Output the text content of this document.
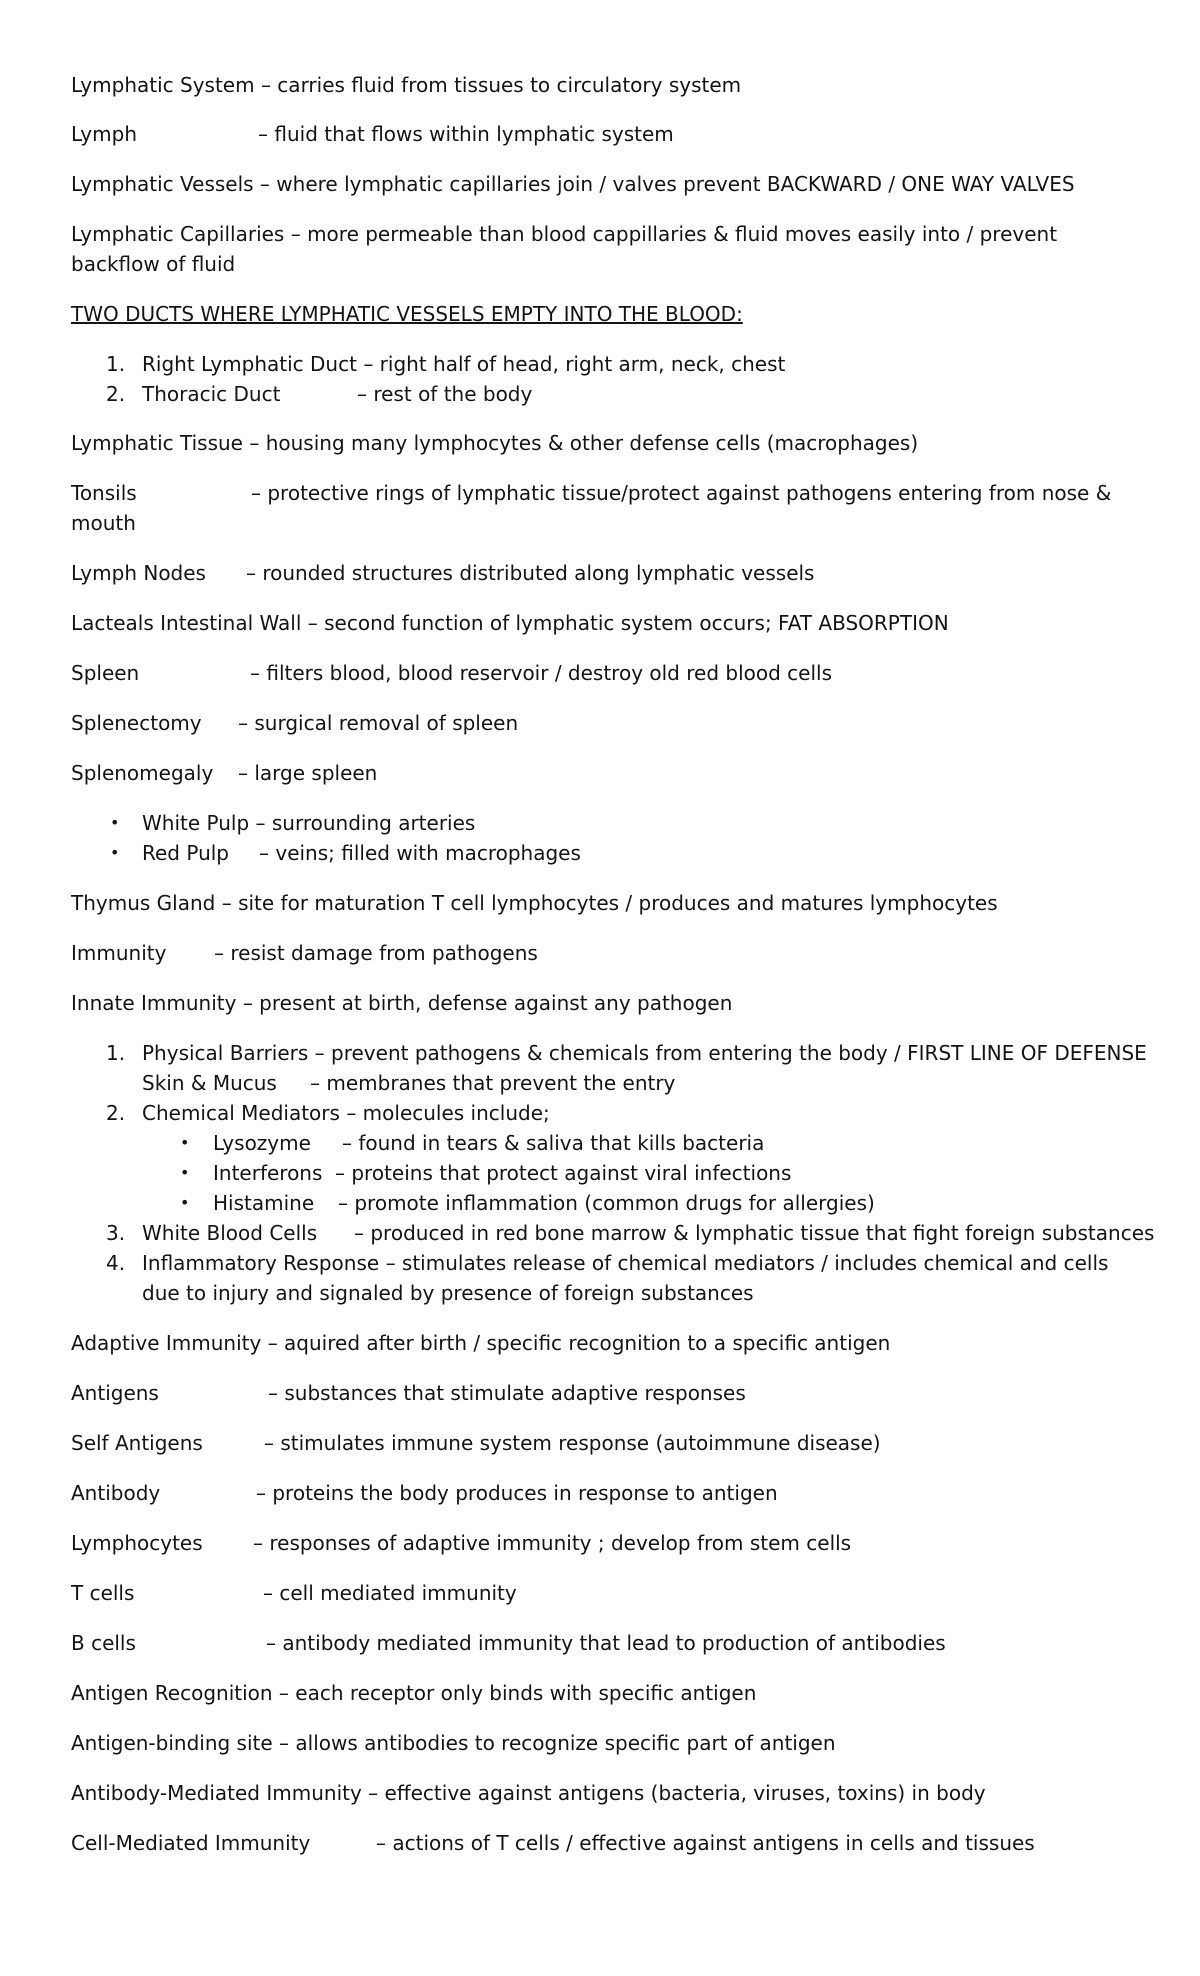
Lymphatic System – carries fluid from tissues to circulatory system
Lymph	– fluid that flows within lymphatic system
Lymphatic Vessels – where lymphatic capillaries join / valves prevent BACKWARD / ONE WAY VALVES
Lymphatic Capillaries – more permeable than blood cappillaries & fluid moves easily into / prevent backflow of fluid
TWO DUCTS WHERE LYMPHATIC VESSELS EMPTY INTO THE BLOOD:
1. Right Lymphatic Duct – right half of head, right arm, neck, chest
2. Thoracic Duct	– rest of the body
Lymphatic Tissue – housing many lymphocytes & other defense cells (macrophages)
Tonsils	– protective rings of lymphatic tissue/protect against pathogens entering from nose & mouth
Lymph Nodes – rounded structures distributed along lymphatic vessels
Lacteals Intestinal Wall – second function of lymphatic system occurs; FAT ABSORPTION
Spleen	– filters blood, blood reservoir / destroy old red blood cells
Splenectomy – surgical removal of spleen
Splenomegaly – large spleen
• White Pulp – surrounding arteries
• Red Pulp – veins; filled with macrophages
Thymus Gland – site for maturation T cell lymphocytes / produces and matures lymphocytes
Immunity – resist damage from pathogens
Innate Immunity – present at birth, defense against any pathogen
1. Physical Barriers – prevent pathogens & chemicals from entering the body / FIRST LINE OF DEFENSE
Skin & Mucus – membranes that prevent the entry
2. Chemical Mediators – molecules include;
• Lysozyme – found in tears & saliva that kills bacteria
• Interferons – proteins that protect against viral infections
• Histamine – promote inflammation (common drugs for allergies)
3. White Blood Cells – produced in red bone marrow & lymphatic tissue that fight foreign substances
4. Inflammatory Response – stimulates release of chemical mediators / includes chemical and cells due to injury and signaled by presence of foreign substances
Adaptive Immunity – aquired after birth / specific recognition to a specific antigen
Antigens	– substances that stimulate adaptive responses
Self Antigens	– stimulates immune system response (autoimmune disease)
Antibody	– proteins the body produces in response to antigen
Lymphocytes	– responses of adaptive immunity ; develop from stem cells
T cells	– cell mediated immunity
B cells	– antibody mediated immunity that lead to production of antibodies
Antigen Recognition – each receptor only binds with specific antigen
Antigen-binding site – allows antibodies to recognize specific part of antigen
Antibody-Mediated Immunity – effective against antigens (bacteria, viruses, toxins) in body
Cell-Mediated Immunity	– actions of T cells / effective against antigens in cells and tissues
